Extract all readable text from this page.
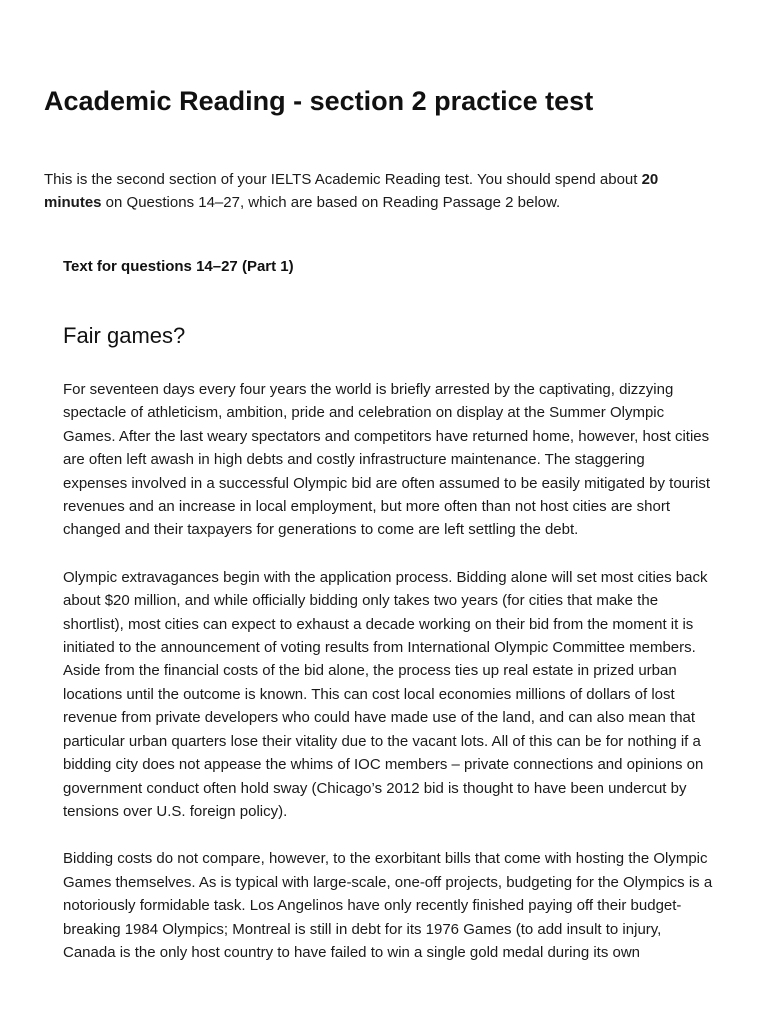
Academic Reading - section 2 practice test

This is the second section of your IELTS Academic Reading test. You should spend about 20 minutes on Questions 14–27, which are based on Reading Passage 2 below.

Text for questions 14–27 (Part 1)

Fair games?

For seventeen days every four years the world is briefly arrested by the captivating, dizzying spectacle of athleticism, ambition, pride and celebration on display at the Summer Olympic Games. After the last weary spectators and competitors have returned home, however, host cities are often left awash in high debts and costly infrastructure maintenance. The staggering expenses involved in a successful Olympic bid are often assumed to be easily mitigated by tourist revenues and an increase in local employment, but more often than not host cities are short changed and their taxpayers for generations to come are left settling the debt.

Olympic extravagances begin with the application process. Bidding alone will set most cities back about $20 million, and while officially bidding only takes two years (for cities that make the shortlist), most cities can expect to exhaust a decade working on their bid from the moment it is initiated to the announcement of voting results from International Olympic Committee members. Aside from the financial costs of the bid alone, the process ties up real estate in prized urban locations until the outcome is known. This can cost local economies millions of dollars of lost revenue from private developers who could have made use of the land, and can also mean that particular urban quarters lose their vitality due to the vacant lots. All of this can be for nothing if a bidding city does not appease the whims of IOC members – private connections and opinions on government conduct often hold sway (Chicago’s 2012 bid is thought to have been undercut by tensions over U.S. foreign policy).

Bidding costs do not compare, however, to the exorbitant bills that come with hosting the Olympic Games themselves. As is typical with large-scale, one-off projects, budgeting for the Olympics is a notoriously formidable task. Los Angelinos have only recently finished paying off their budget-breaking 1984 Olympics; Montreal is still in debt for its 1976 Games (to add insult to injury, Canada is the only host country to have failed to win a single gold medal during its own
